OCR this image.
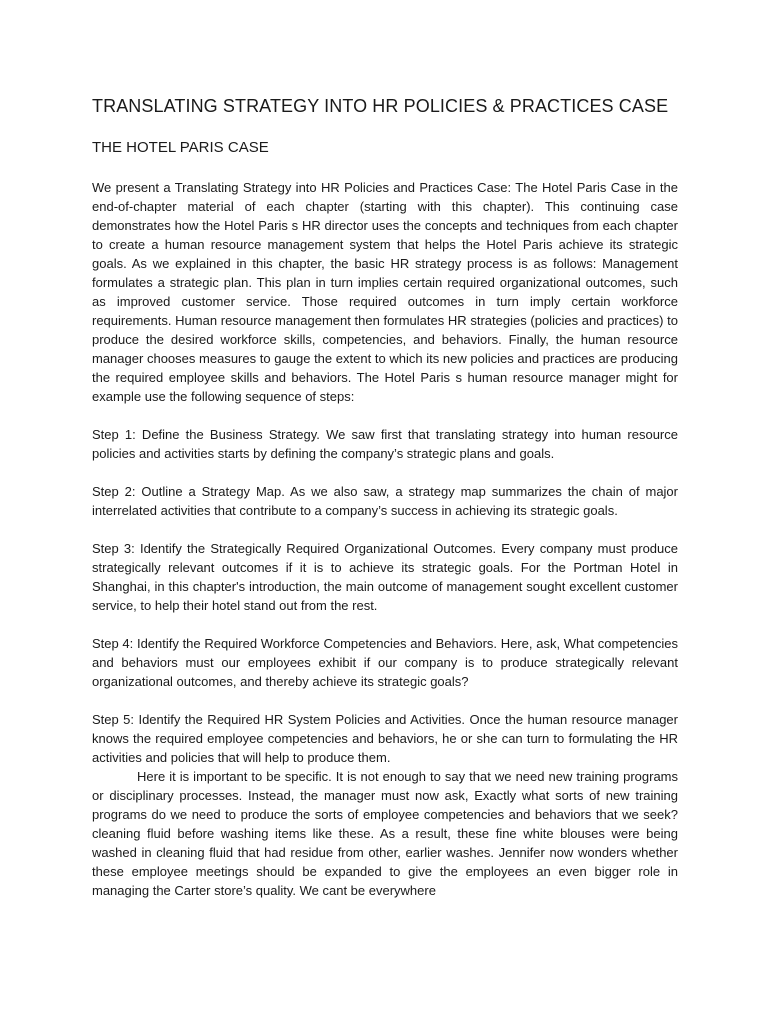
TRANSLATING STRATEGY INTO HR POLICIES & PRACTICES CASE
THE HOTEL PARIS CASE

We present a Translating Strategy into HR Policies and Practices Case: The Hotel Paris Case in the end-of-chapter material of each chapter (starting with this chapter). This continuing case demonstrates how the Hotel Paris s HR director uses the concepts and techniques from each chapter to create a human resource management system that helps the Hotel Paris achieve its strategic goals. As we explained in this chapter, the basic HR strategy process is as follows: Management formulates a strategic plan. This plan in turn implies certain required organizational outcomes, such as improved customer service. Those required outcomes in turn imply certain workforce requirements. Human resource management then formulates HR strategies (policies and practices) to produce the desired workforce skills, competencies, and behaviors. Finally, the human resource manager chooses measures to gauge the extent to which its new policies and practices are producing the required employee skills and behaviors. The Hotel Paris s human resource manager might for example use the following sequence of steps:

Step 1: Define the Business Strategy. We saw first that translating strategy into human resource policies and activities starts by defining the company’s strategic plans and goals.

Step 2: Outline a Strategy Map. As we also saw, a strategy map summarizes the chain of major interrelated activities that contribute to a company’s success in achieving its strategic goals.

Step 3: Identify the Strategically Required Organizational Outcomes. Every company must produce strategically relevant outcomes if it is to achieve its strategic goals. For the Portman Hotel in Shanghai, in this chapter's introduction, the main outcome of management sought excellent customer service, to help their hotel stand out from the rest.

Step 4: Identify the Required Workforce Competencies and Behaviors. Here, ask, What competencies and behaviors must our employees exhibit if our company is to produce strategically relevant organizational outcomes, and thereby achieve its strategic goals?

Step 5: Identify the Required HR System Policies and Activities. Once the human resource manager knows the required employee competencies and behaviors, he or she can turn to formulating the HR activities and policies that will help to produce them.

Here it is important to be specific. It is not enough to say that we need new training programs or disciplinary processes. Instead, the manager must now ask, Exactly what sorts of new training programs do we need to produce the sorts of employee competencies and behaviors that we seek? cleaning fluid before washing items like these. As a result, these fine white blouses were being washed in cleaning fluid that had residue from other, earlier washes. Jennifer now wonders whether these employee meetings should be expanded to give the employees an even bigger role in managing the Carter store’s quality. We cant be everywhere
